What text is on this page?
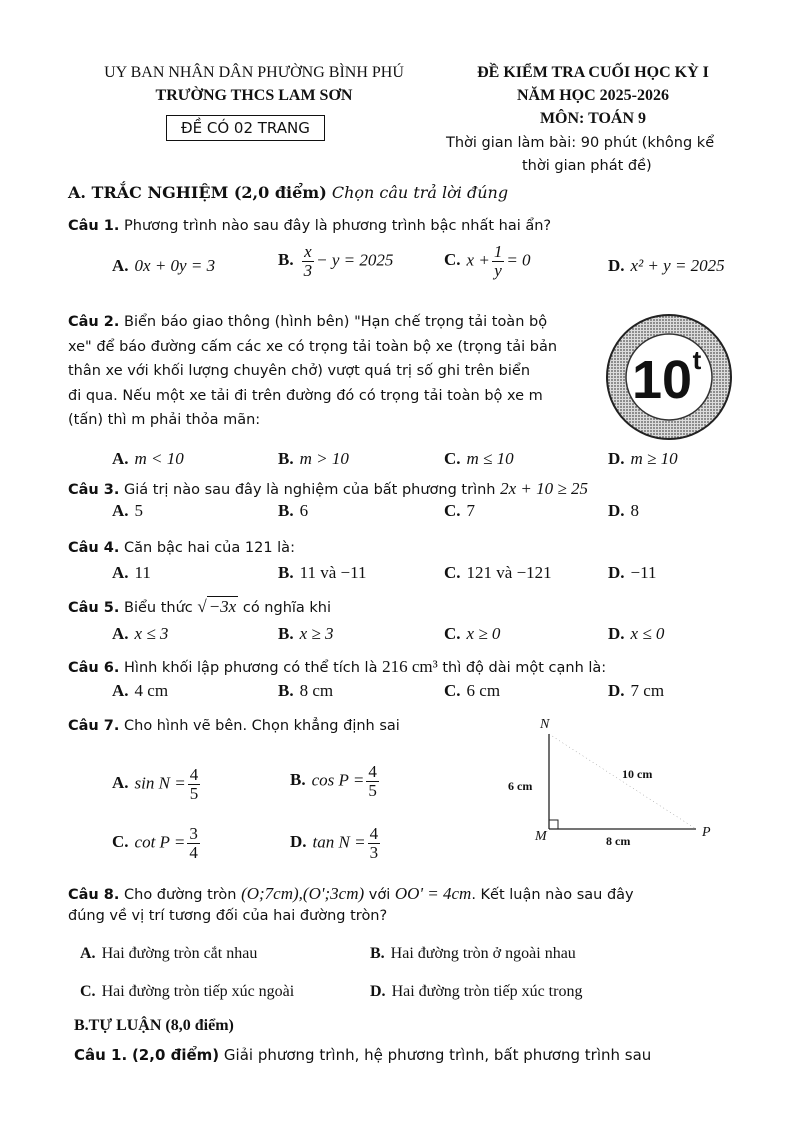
UY BAN NHÂN DÂN PHƯỜNG BÌNH PHÚ
TRƯỜNG THCS LAM SƠN
ĐỀ CÓ 02 TRANG
ĐỀ KIỂM TRA CUỐI HỌC KỲ I
NĂM HỌC 2025-2026
MÔN: TOÁN 9
Thời gian làm bài: 90 phút (không kể
thời gian phát đề)
A. TRẮC NGHIỆM (2,0 điểm) Chọn câu trả lời đúng
Câu 1. Phương trình nào sau đây là phương trình bậc nhất hai ẩn?
A. 0x + 0y = 3	B. $\frac{x}{3} - y = 2025$	C. $x + \frac{1}{y} = 0$	D. x² + y = 2025
Câu 2. Biển báo giao thông (hình bên) "Hạn chế trọng tải toàn bộ
xe" để báo đường cấm các xe có trọng tải toàn bộ xe (trọng tải bản
thân xe với khối lượng chuyên chở) vượt quá trị số ghi trên biển
đi qua. Nếu một xe tải đi trên đường đó có trọng tải toàn bộ xe m
(tấn) thì m phải thỏa mãn:
10 t
A. m < 10	B. m > 10	C. m ≤ 10	D. m ≥ 10
Câu 3. Giá trị nào sau đây là nghiệm của bất phương trình 2x + 10 ≥ 25
A. 5	B. 6	C. 7	D. 8
Câu 4. Căn bậc hai của 121 là:
A. 11	B. 11 và −11	C. 121 và −121	D. −11
Câu 5. Biểu thức √ −3x có nghĩa khi
A. x ≤ 3	B. x ≥ 3	C. x ≥ 0	D. x ≤ 0
Câu 6. Hình khối lập phương có thể tích là 216 cm³ thì độ dài một cạnh là:
A. 4 cm	B. 8 cm	C. 6 cm	D. 7 cm
Câu 7. Cho hình vẽ bên. Chọn khẳng định sai
A. $\sin N = \frac{4}{5}$	B. $\cos P = \frac{4}{5}$
C. $\cot P = \frac{3}{4}$	D. $\tan N = \frac{4}{3}$
N
M	P
6 cm
10 cm
8 cm
Câu 8. Cho đường tròn (O;7cm),(O';3cm) với OO' = 4cm. Kết luận nào sau đây
đúng về vị trí tương đối của hai đường tròn?
A. Hai đường tròn cắt nhau	B. Hai đường tròn ở ngoài nhau
C. Hai đường tròn tiếp xúc ngoài	D. Hai đường tròn tiếp xúc trong
B.TỰ LUẬN (8,0 điểm)
Câu 1. (2,0 điểm) Giải phương trình, hệ phương trình, bất phương trình sau
